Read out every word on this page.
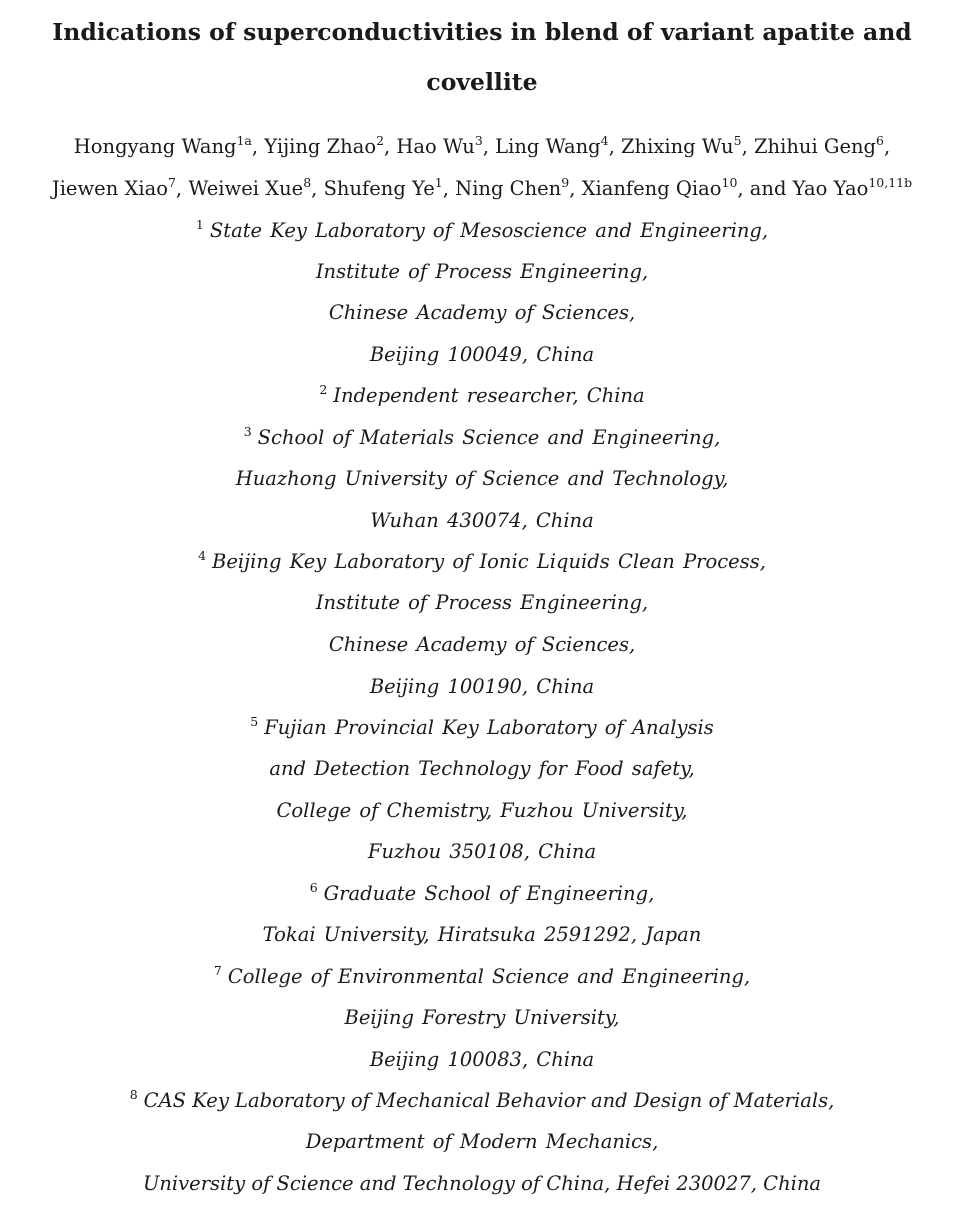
Indications of superconductivities in blend of variant apatite and
covellite
Hongyang Wang$^{1a}$, Yijing Zhao$^2$, Hao Wu$^3$, Ling Wang$^4$, Zhixing Wu$^5$, Zhihui Geng$^6$,
Jiewen Xiao$^7$, Weiwei Xue$^8$, Shufeng Ye$^1$, Ning Chen$^9$, Xianfeng Qiao$^{10}$, and Yao Yao$^{10,11b}$
$^1$ State Key Laboratory of Mesoscience and Engineering,
Institute of Process Engineering,
Chinese Academy of Sciences,
Beijing 100049, China
$^2$ Independent researcher, China
$^3$ School of Materials Science and Engineering,
Huazhong University of Science and Technology,
Wuhan 430074, China
$^4$ Beijing Key Laboratory of Ionic Liquids Clean Process,
Institute of Process Engineering,
Chinese Academy of Sciences,
Beijing 100190, China
$^5$ Fujian Provincial Key Laboratory of Analysis
and Detection Technology for Food safety,
College of Chemistry, Fuzhou University,
Fuzhou 350108, China
$^6$ Graduate School of Engineering,
Tokai University, Hiratsuka 2591292, Japan
$^7$ College of Environmental Science and Engineering,
Beijing Forestry University,
Beijing 100083, China
$^8$ CAS Key Laboratory of Mechanical Behavior and Design of Materials,
Department of Modern Mechanics,
University of Science and Technology of China, Hefei 230027, China
